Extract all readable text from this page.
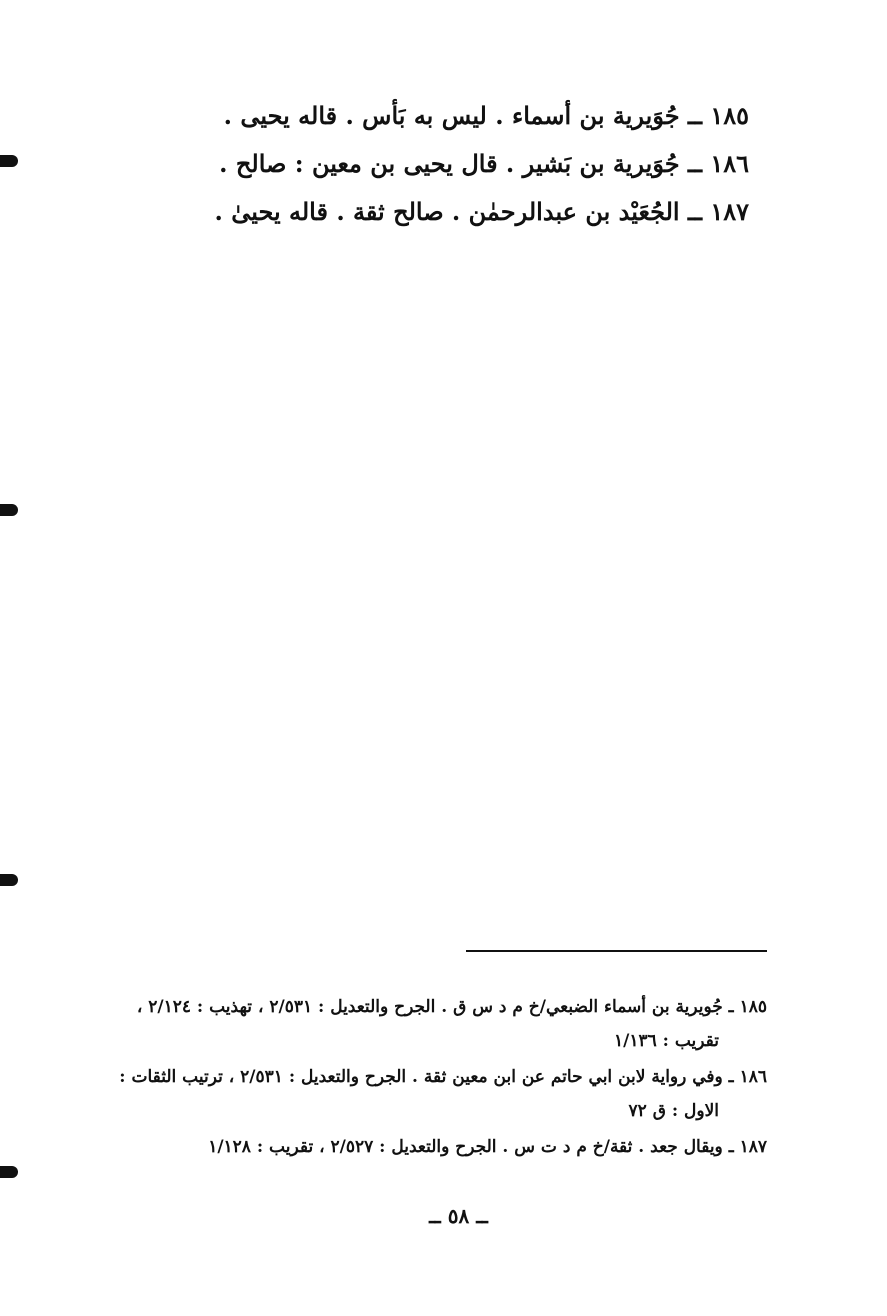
١٨٥ ــ جُوَيرية بن أسماء . ليس به بَأس . قاله يحيى .
١٨٦ ــ جُوَيرية بن بَشير . قال يحيى بن معين : صالح .
١٨٧ ــ الجُعَيْد بن عبدالرحمٰن . صالح ثقة . قاله يحيىٰ .
١٨٥ ـ جُويرية بن أسماء الضبعي/خ م د س ق . الجرح والتعديل : ٢/٥٣١ ، تهذيب : ٢/١٢٤ ،
تقريب : ١/١٣٦
١٨٦ ـ وفي رواية لابن ابي حاتم عن ابن معين ثقة . الجرح والتعديل : ٢/٥٣١ ، ترتيب الثقات :
الاول : ق ٧٢
١٨٧ ـ ويقال جعد . ثقة/خ م د ت س . الجرح والتعديل : ٢/٥٢٧ ، تقريب : ١/١٢٨
ــ ٥٨ ــ
